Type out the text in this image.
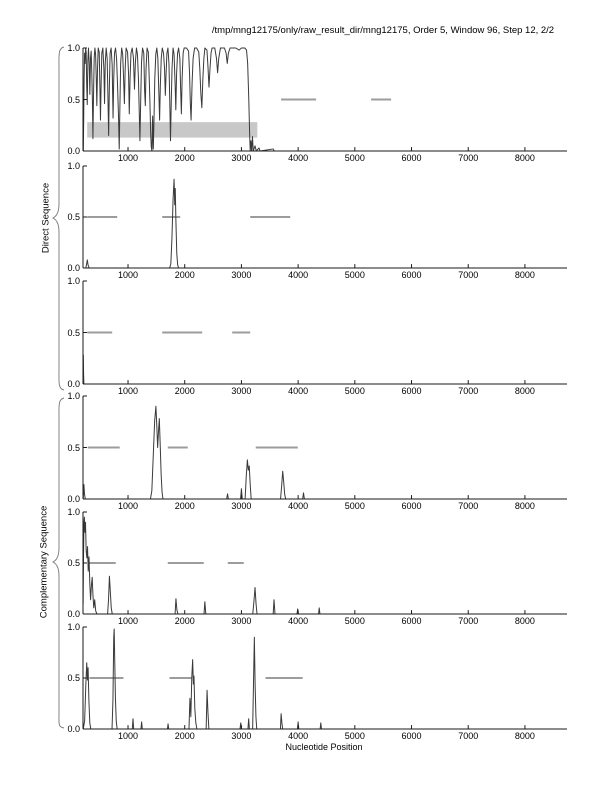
/tmp/mng12175/only/raw_result_dir/mng12175, Order 5, Window 96, Step 12, 2/2
Direct Sequence
Complementary Sequence
Nucleotide Position
1.0
0.5
0.0
1000	2000	3000	4000	5000	6000	7000	8000
1.0
0.5
0.0
1000	2000	3000	4000	5000	6000	7000	8000
1.0
0.5
0.0
1000	2000	3000	4000	5000	6000	7000	8000
1.0
0.5
0.0
1000	2000	3000	4000	5000	6000	7000	8000
1.0
0.5
0.0
1000	2000	3000	4000	5000	6000	7000	8000
1.0
0.5
0.0
1000	2000	3000	4000	5000	6000	7000	8000
